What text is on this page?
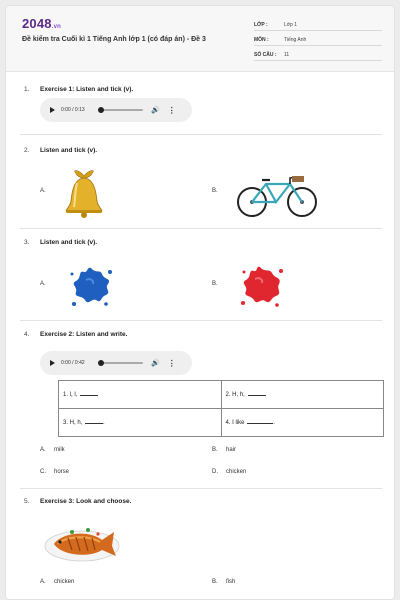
2048.vn
Đề kiểm tra Cuối kì 1 Tiếng Anh lớp 1 (có đáp án) - Đề 3
LỚP :	Lớp 1
MÔN :	Tiếng Anh
SỐ CÂU :	11
1. Exercise 1: Listen and tick (v).
0:00 / 0:13	🔊 ⋮
2. Listen and tick (v).
A.	B.
3. Listen and tick (v).
A.	B.
4. Exercise 2: Listen and write.
0:00 / 0:42	🔊 ⋮
1. l, l,	2. H, h,
3. H, h, .	4. I like .
A. milk	B. hair
C. horse	D. chicken
5. Exercise 3: Look and choose.
A. chicken	B. fish
